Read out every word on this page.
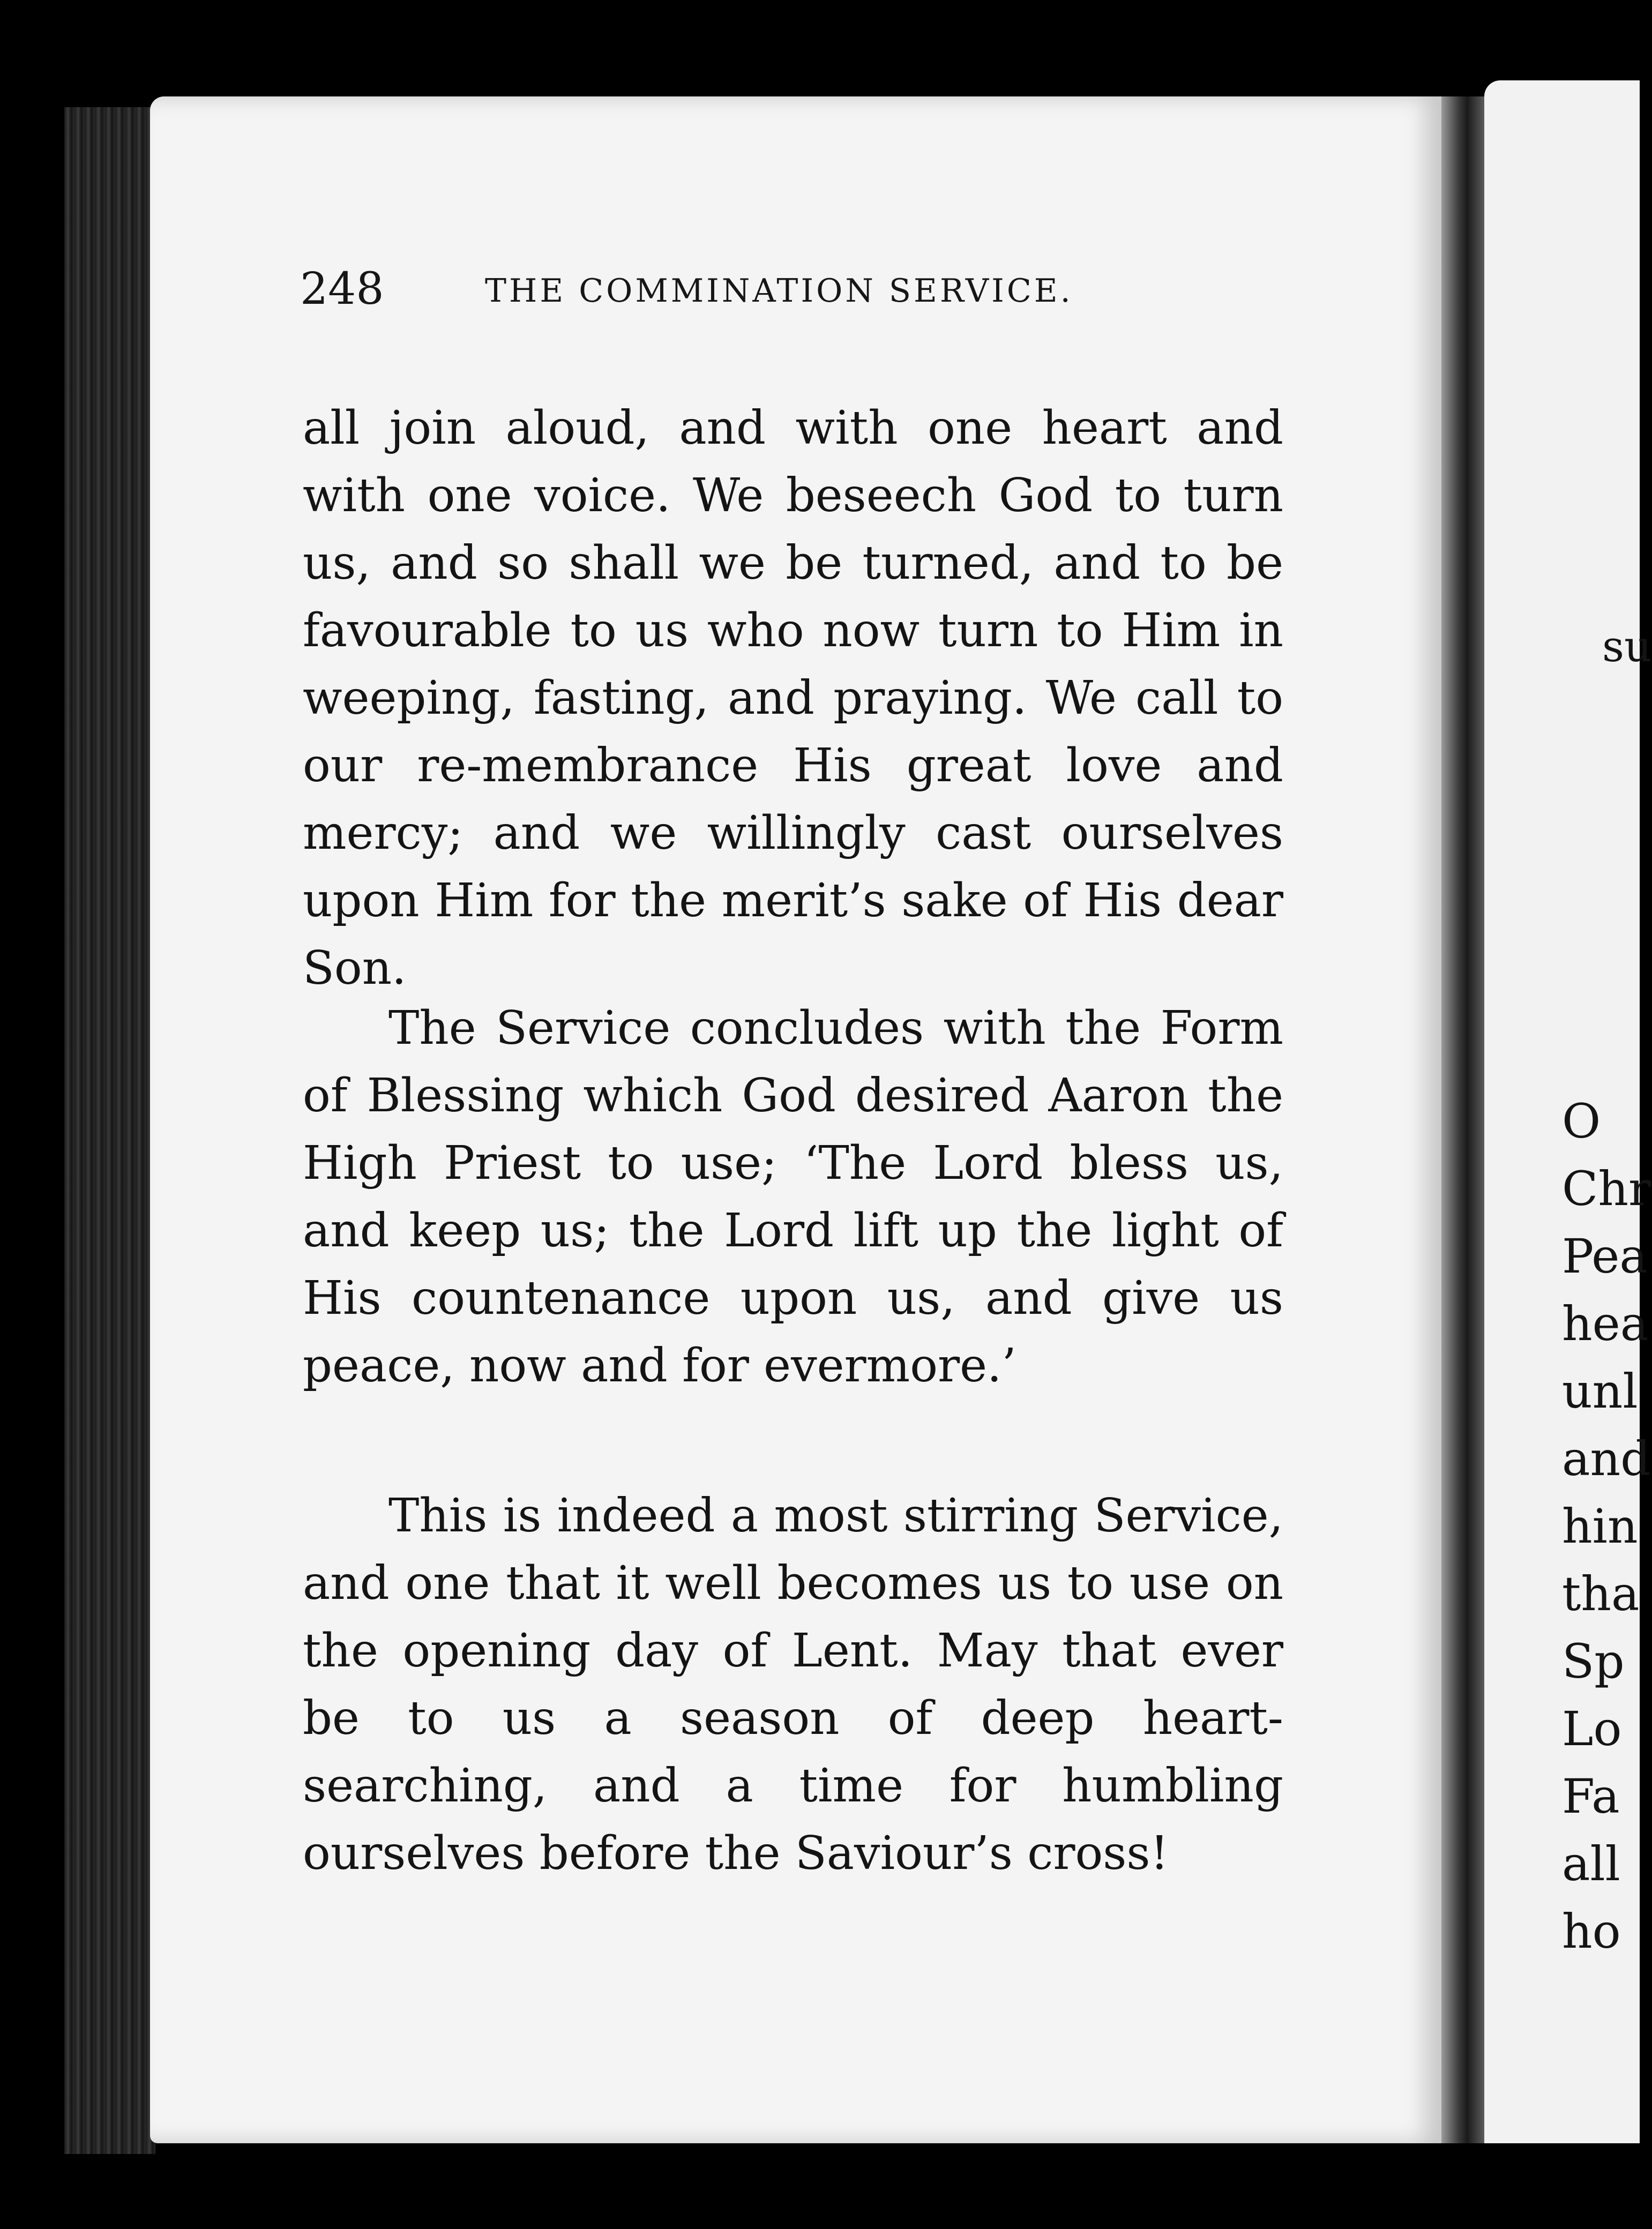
248	THE COMMINATION SERVICE.

all join aloud, and with one heart and with one voice. We beseech God to turn us, and so shall we be turned, and to be favourable to us who now turn to Him in weeping, fasting, and praying. We call to our re-membrance His great love and mercy; and we willingly cast ourselves upon Him for the merit’s sake of His dear Son.

The Service concludes with the Form of Blessing which God desired Aaron the High Priest to use; ‘The Lord bless us, and keep us; the Lord lift up the light of His countenance upon us, and give us peace, now and for evermore.’

This is indeed a most stirring Service, and one that it well becomes us to use on the opening day of Lent. May that ever be to us a season of deep heart-searching, and a time for humbling ourselves before the Saviour’s cross!

su
O
Chr
Pea
hea
unl
and
hin
tha
Sp
Lo
Fa
all
ho
